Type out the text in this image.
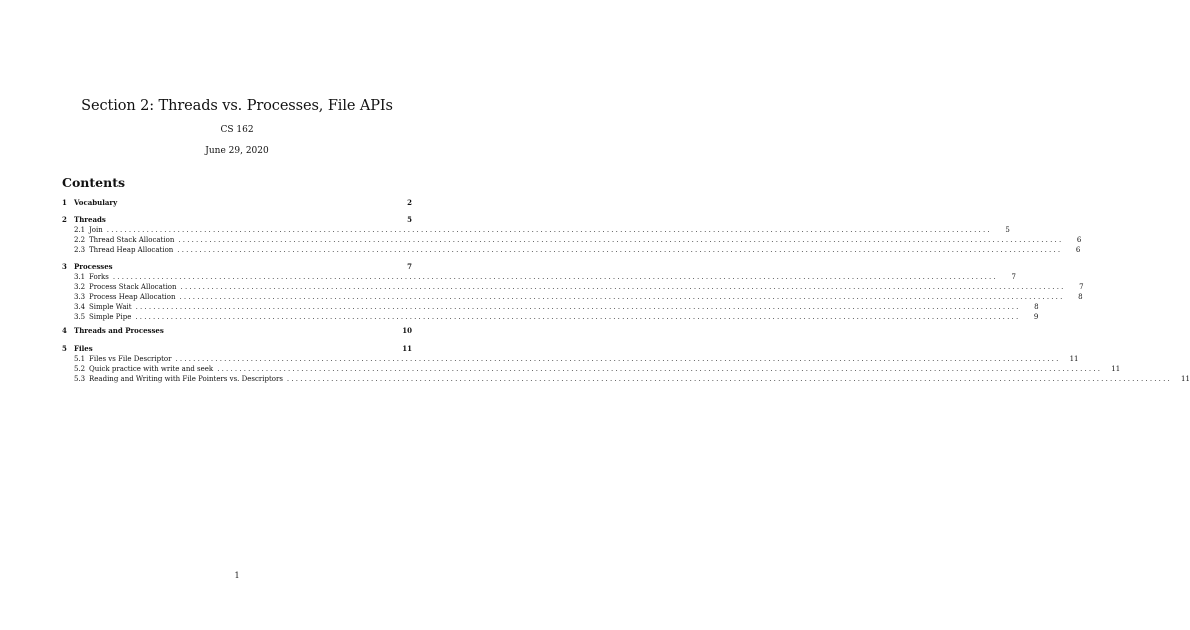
Section 2: Threads vs. Processes, File APIs
CS 162
June 29, 2020
Contents
1	Vocabulary	2
2	Threads	5
2.1 Join ........................................................................................................................................................................................................	5
2.2 Thread Stack Allocation ........................................................................................................................................................................................................	6
2.3 Thread Heap Allocation ........................................................................................................................................................................................................	6
3	Processes	7
3.1 Forks ........................................................................................................................................................................................................	7
3.2 Process Stack Allocation ........................................................................................................................................................................................................	7
3.3 Process Heap Allocation ........................................................................................................................................................................................................	8
3.4 Simple Wait ........................................................................................................................................................................................................	8
3.5 Simple Pipe ........................................................................................................................................................................................................	9
4	Threads and Processes	10
5	Files	11
5.1 Files vs File Descriptor ........................................................................................................................................................................................................	11
5.2 Quick practice with write and seek ........................................................................................................................................................................................................	11
5.3 Reading and Writing with File Pointers vs. Descriptors ........................................................................................................................................................................................................	11
1
